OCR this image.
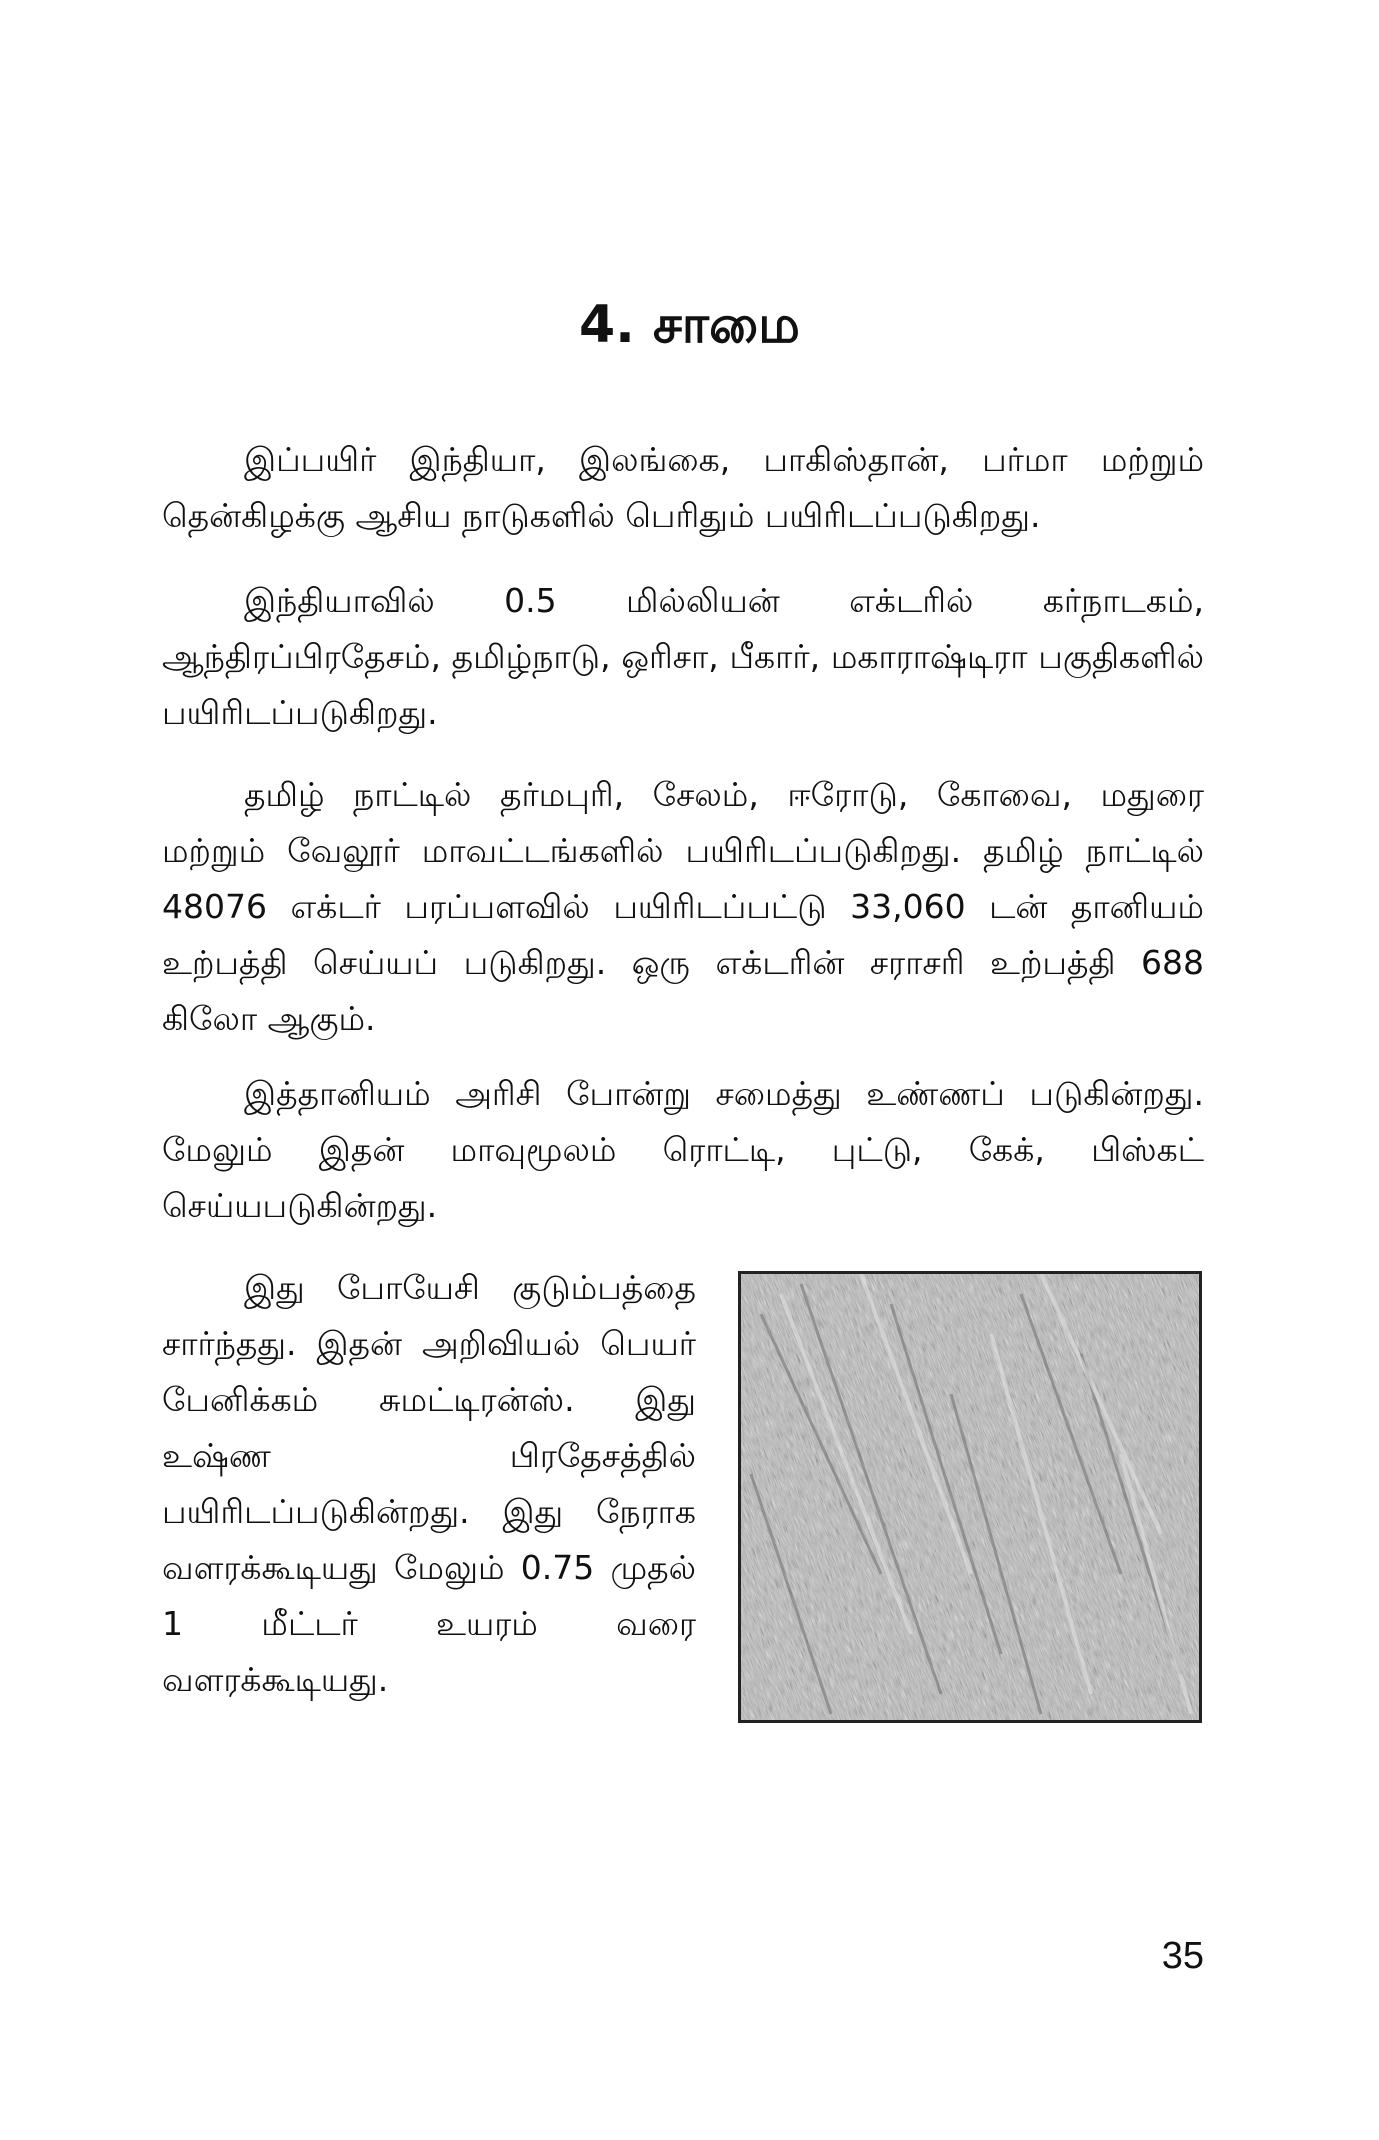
4. சாமை

இப்பயிர் இந்தியா, இலங்கை, பாகிஸ்தான், பர்மா மற்றும் தென்கிழக்கு ஆசிய நாடுகளில் பெரிதும் பயிரிடப்படுகிறது.

இந்தியாவில் 0.5 மில்லியன் எக்டரில் கர்நாடகம், ஆந்திரப்பிரதேசம், தமிழ்நாடு, ஒரிசா, பீகார், மகாராஷ்டிரா பகுதிகளில் பயிரிடப்படுகிறது.

தமிழ் நாட்டில் தர்மபுரி, சேலம், ஈரோடு, கோவை, மதுரை மற்றும் வேலூர் மாவட்டங்களில் பயிரிடப்படுகிறது. தமிழ் நாட்டில் 48076 எக்டர் பரப்பளவில் பயிரிடப்பட்டு 33,060 டன் தானியம் உற்பத்தி செய்யப் படுகிறது. ஒரு எக்டரின் சராசரி உற்பத்தி 688 கிலோ ஆகும்.

இத்தானியம் அரிசி போன்று சமைத்து உண்ணப் படுகின்றது. மேலும் இதன் மாவுமூலம் ரொட்டி, புட்டு, கேக், பிஸ்கட் செய்யபடுகின்றது.

இது போயேசி குடும்பத்தை சார்ந்தது. இதன் அறிவியல் பெயர் பேனிக்கம் சுமட்டிரன்ஸ். இது உஷ்ண பிரதேசத்தில் பயிரிடப்படுகின்றது. இது நேராக வளரக்கூடியது மேலும் 0.75 முதல் 1 மீட்டர் உயரம் வரை வளரக்கூடியது.

35
